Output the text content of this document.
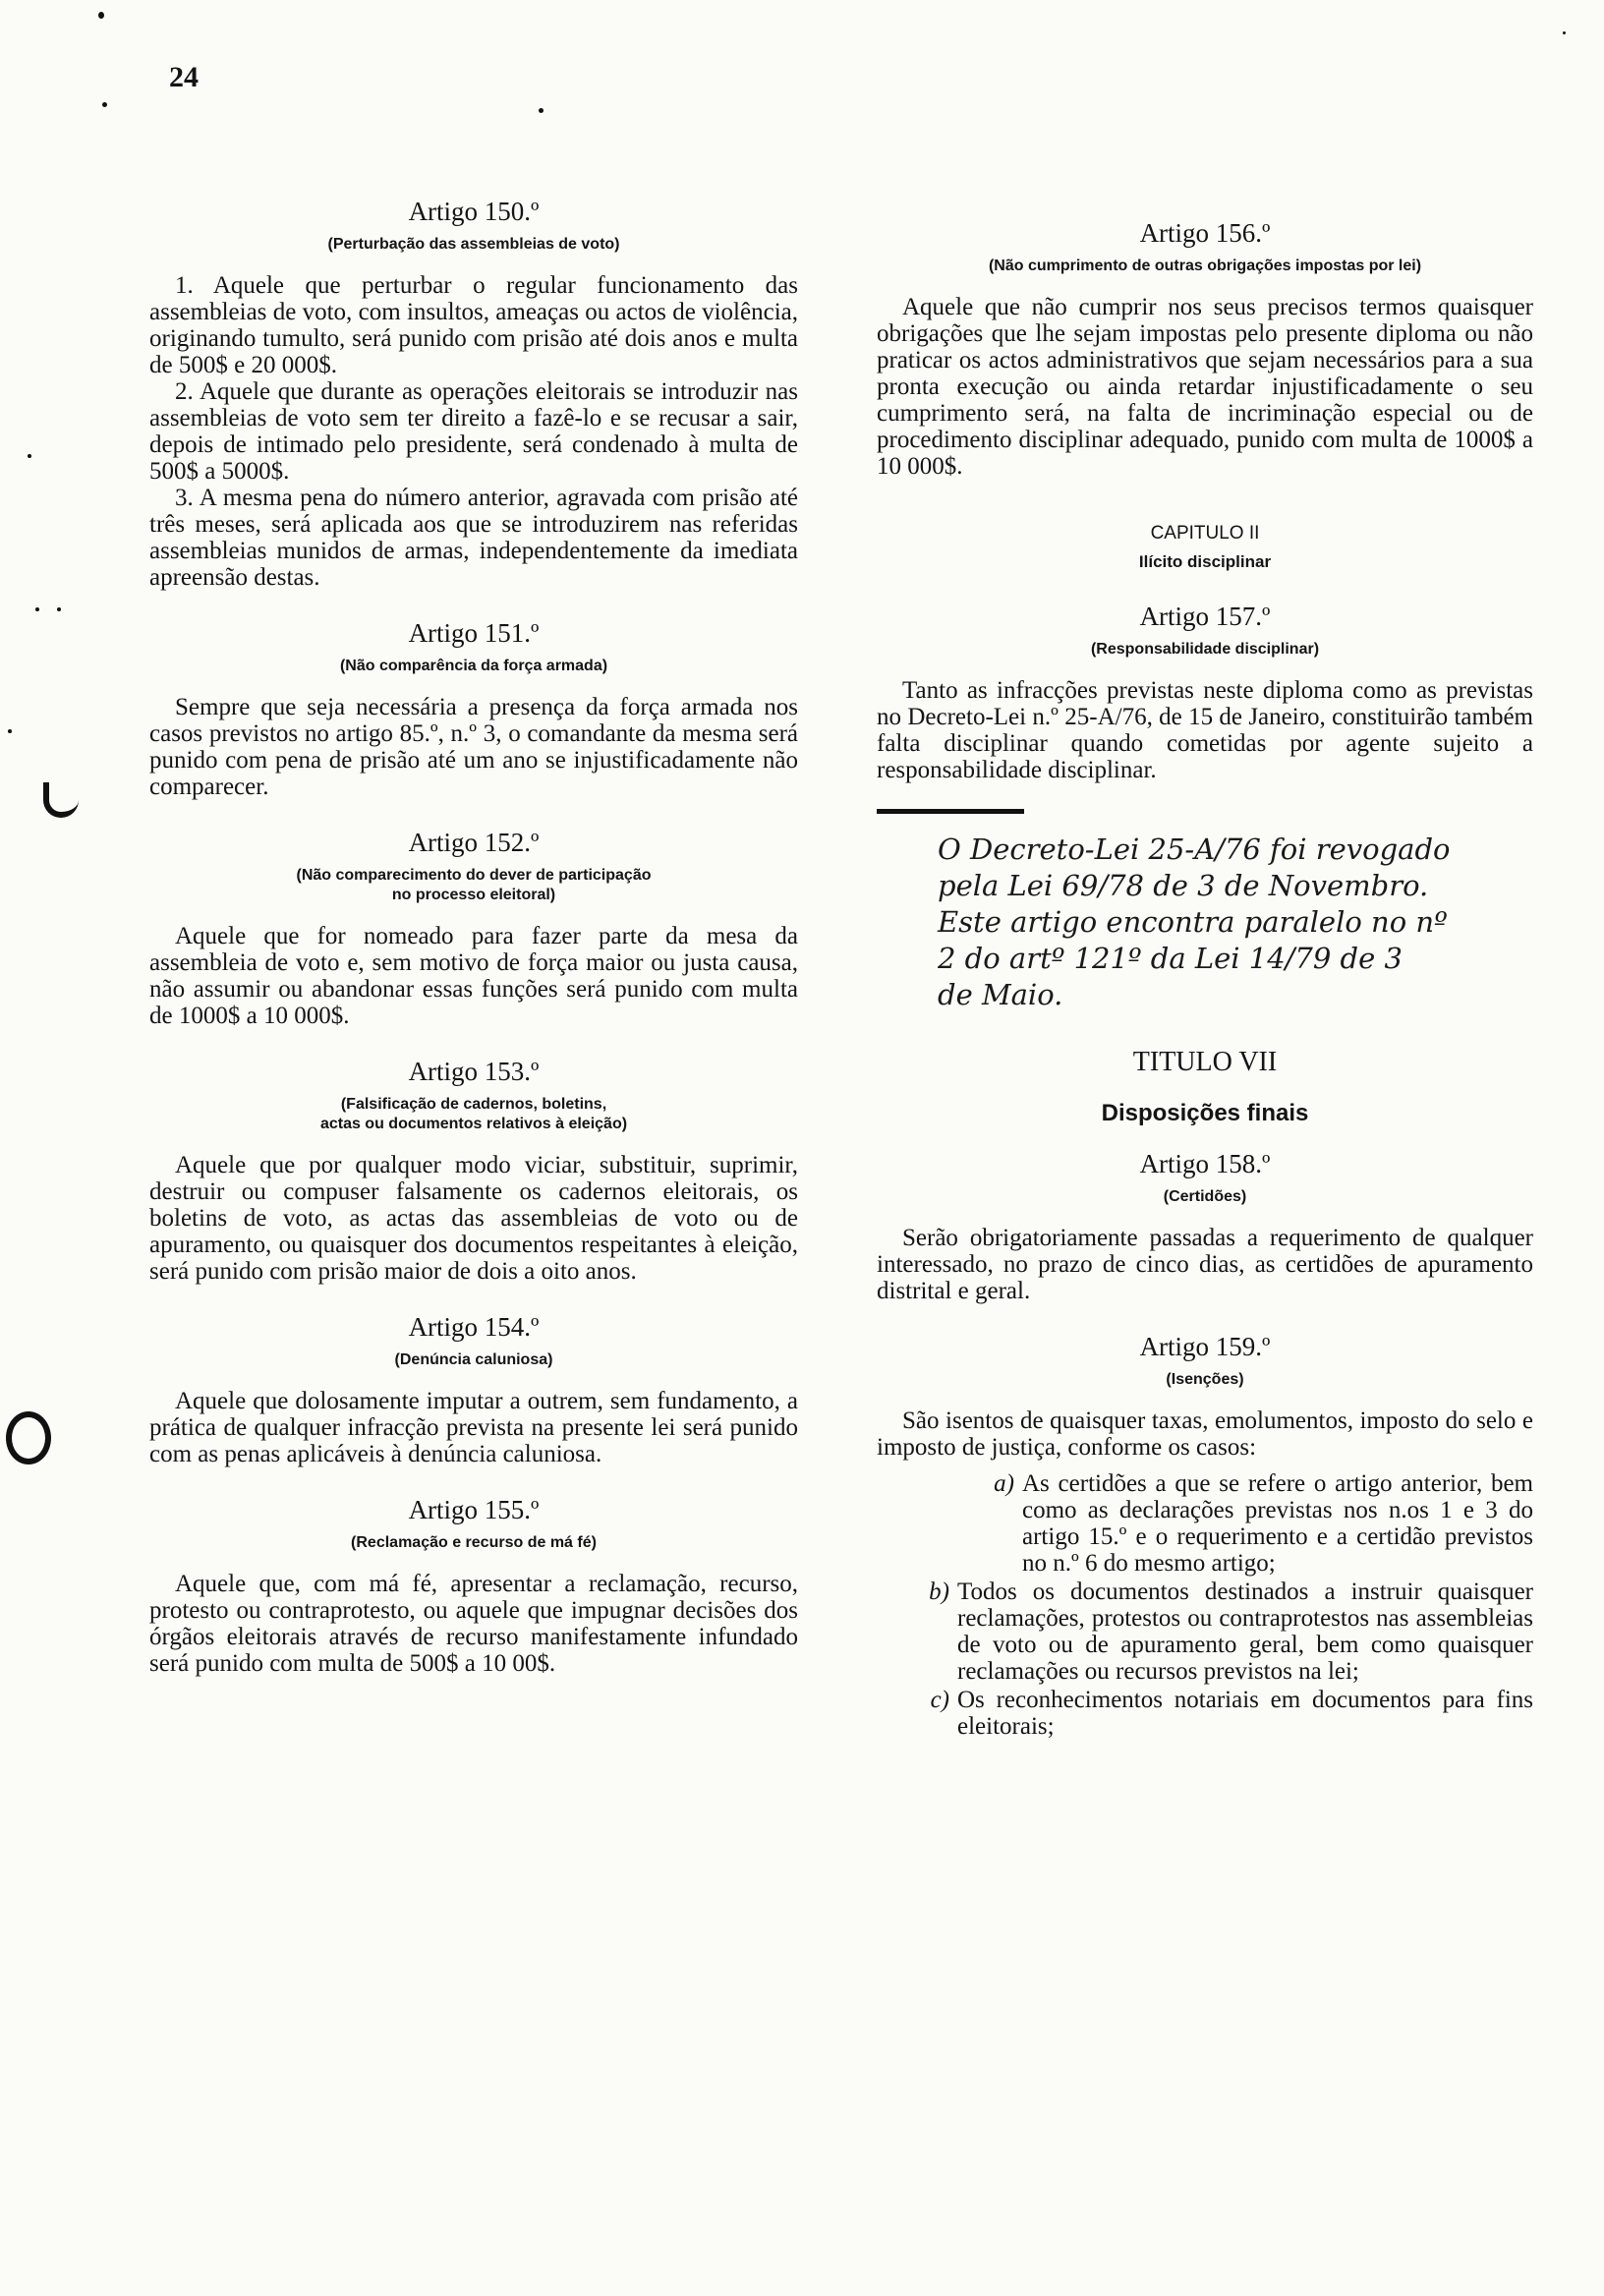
24
Artigo 150.º
(Perturbação das assembleias de voto)

1. Aquele que perturbar o regular funcionamento das assembleias de voto, com insultos, ameaças ou actos de violência, originando tumulto, será punido com prisão até dois anos e multa de 500$ e 20 000$.

2. Aquele que durante as operações eleitorais se introduzir nas assembleias de voto sem ter direito a fazê-lo e se recusar a sair, depois de intimado pelo presidente, será condenado à multa de 500$ a 5000$.

3. A mesma pena do número anterior, agravada com prisão até três meses, será aplicada aos que se introduzirem nas referidas assembleias munidos de armas, independentemente da imediata apreensão destas.

Artigo 151.º
(Não comparência da força armada)

Sempre que seja necessária a presença da força armada nos casos previstos no artigo 85.º, n.º 3, o comandante da mesma será punido com pena de prisão até um ano se injustificadamente não comparecer.

Artigo 152.º
(Não comparecimento do dever de participação
no processo eleitoral)

Aquele que for nomeado para fazer parte da mesa da assembleia de voto e, sem motivo de força maior ou justa causa, não assumir ou abandonar essas funções será punido com multa de 1000$ a 10 000$.

Artigo 153.º
(Falsificação de cadernos, boletins,
actas ou documentos relativos à eleição)

Aquele que por qualquer modo viciar, substituir, suprimir, destruir ou compuser falsamente os cadernos eleitorais, os boletins de voto, as actas das assembleias de voto ou de apuramento, ou quaisquer dos documentos respeitantes à eleição, será punido com prisão maior de dois a oito anos.

Artigo 154.º
(Denúncia caluniosa)

Aquele que dolosamente imputar a outrem, sem fundamento, a prática de qualquer infracção prevista na presente lei será punido com as penas aplicáveis à denúncia caluniosa.

Artigo 155.º
(Reclamação e recurso de má fé)

Aquele que, com má fé, apresentar a reclamação, recurso, protesto ou contraprotesto, ou aquele que impugnar decisões dos órgãos eleitorais através de recurso manifestamente infundado será punido com multa de 500$ a 10 00$.

Artigo 156.º
(Não cumprimento de outras obrigações impostas por lei)

Aquele que não cumprir nos seus precisos termos quaisquer obrigações que lhe sejam impostas pelo presente diploma ou não praticar os actos administrativos que sejam necessários para a sua pronta execução ou ainda retardar injustificadamente o seu cumprimento será, na falta de incriminação especial ou de procedimento disciplinar adequado, punido com multa de 1000$ a 10 000$.

CAPITULO II
Ilícito disciplinar
Artigo 157.º
(Responsabilidade disciplinar)

Tanto as infracções previstas neste diploma como as previstas no Decreto-Lei n.º 25-A/76, de 15 de Janeiro, constituirão também falta disciplinar quando cometidas por agente sujeito a responsabilidade disciplinar.

O Decreto-Lei 25-A/76 foi revogado
pela Lei 69/78 de 3 de Novembro.
Este artigo encontra paralelo no nº
2 do artº 121º da Lei 14/79 de 3
de Maio.
TITULO VII
Disposições finais
Artigo 158.º
(Certidões)

Serão obrigatoriamente passadas a requerimento de qualquer interessado, no prazo de cinco dias, as certidões de apuramento distrital e geral.

Artigo 159.º
(Isenções)

São isentos de quaisquer taxas, emolumentos, imposto do selo e imposto de justiça, conforme os casos:

a) As certidões a que se refere o artigo anterior, bem como as declarações previstas nos n.os 1 e 3 do artigo 15.º e o requerimento e a certidão previstos no n.º 6 do mesmo artigo;
b) Todos os documentos destinados a instruir quaisquer reclamações, protestos ou contraprotestos nas assembleias de voto ou de apuramento geral, bem como quaisquer reclamações ou recursos previstos na lei;
c) Os reconhecimentos notariais em documentos para fins eleitorais;
